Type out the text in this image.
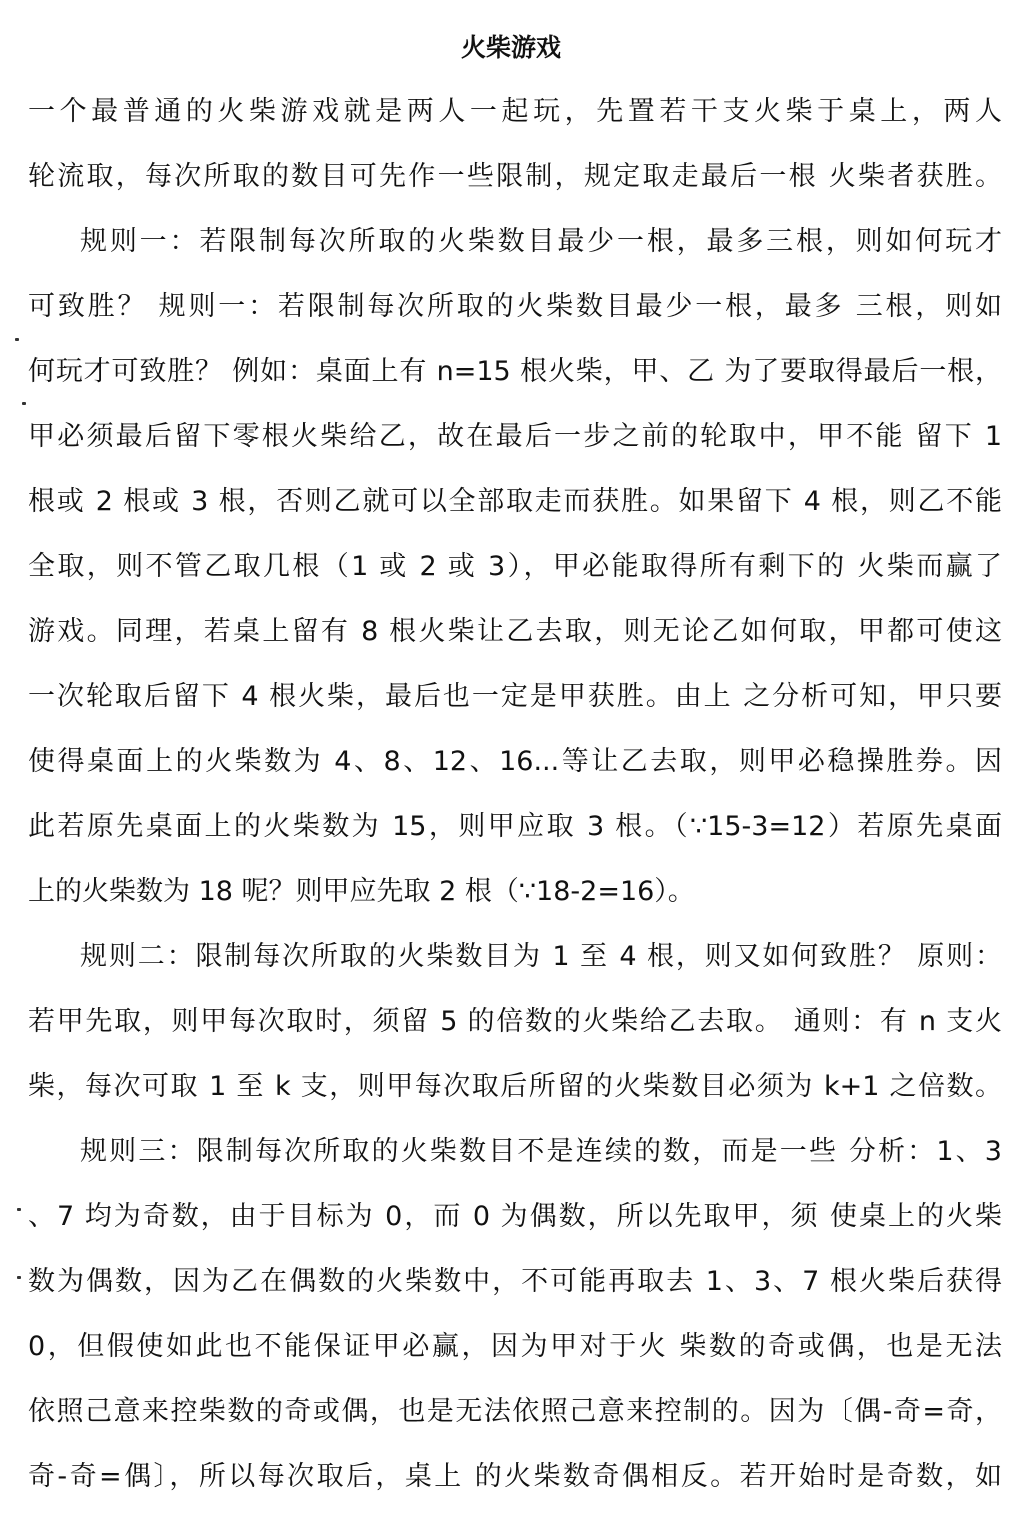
火柴游戏

一个最普通的火柴游戏就是两人一起玩，先置若干支火柴于桌上，两人

轮流取，每次所取的数目可先作一些限制，规定取走最后一根 火柴者获胜。

规则一：若限制每次所取的火柴数目最少一根，最多三根，则如何玩才

可致胜？ 规则一：若限制每次所取的火柴数目最少一根，最多 三根，则如

何玩才可致胜？ 例如：桌面上有 n=15 根火柴，甲、乙 为了要取得最后一根，

甲必须最后留下零根火柴给乙，故在最后一步之前的轮取中，甲不能 留下 1

根或 2 根或 3 根，否则乙就可以全部取走而获胜。如果留下 4 根，则乙不能

全取，则不管乙取几根（1 或 2 或 3），甲必能取得所有剩下的 火柴而赢了

游戏。同理，若桌上留有 8 根火柴让乙去取，则无论乙如何取，甲都可使这

一次轮取后留下 4 根火柴，最后也一定是甲获胜。由上 之分析可知，甲只要

使得桌面上的火柴数为 4、8、12、16...等让乙去取，则甲必稳操胜券。因

此若原先桌面上的火柴数为 15，则甲应取 3 根。（∵15-3=12）若原先桌面

上的火柴数为 18 呢？则甲应先取 2 根（∵18-2=16）。

规则二：限制每次所取的火柴数目为 1 至 4 根，则又如何致胜？ 原则：

若甲先取，则甲每次取时，须留 5 的倍数的火柴给乙去取。 通则：有 n 支火

柴，每次可取 1 至 k 支，则甲每次取后所留的火柴数目必须为 k+1 之倍数。

规则三：限制每次所取的火柴数目不是连续的数，而是一些 分析：1、3

、7 均为奇数，由于目标为 0，而 0 为偶数，所以先取甲，须 使桌上的火柴

数为偶数，因为乙在偶数的火柴数中，不可能再取去 1、3、7 根火柴后获得

0，但假使如此也不能保证甲必赢，因为甲对于火 柴数的奇或偶，也是无法

依照己意来控柴数的奇或偶，也是无法依照己意来控制的。因为〔偶-奇=奇，

奇-奇=偶〕，所以每次取后，桌上 的火柴数奇偶相反。若开始时是奇数，如
